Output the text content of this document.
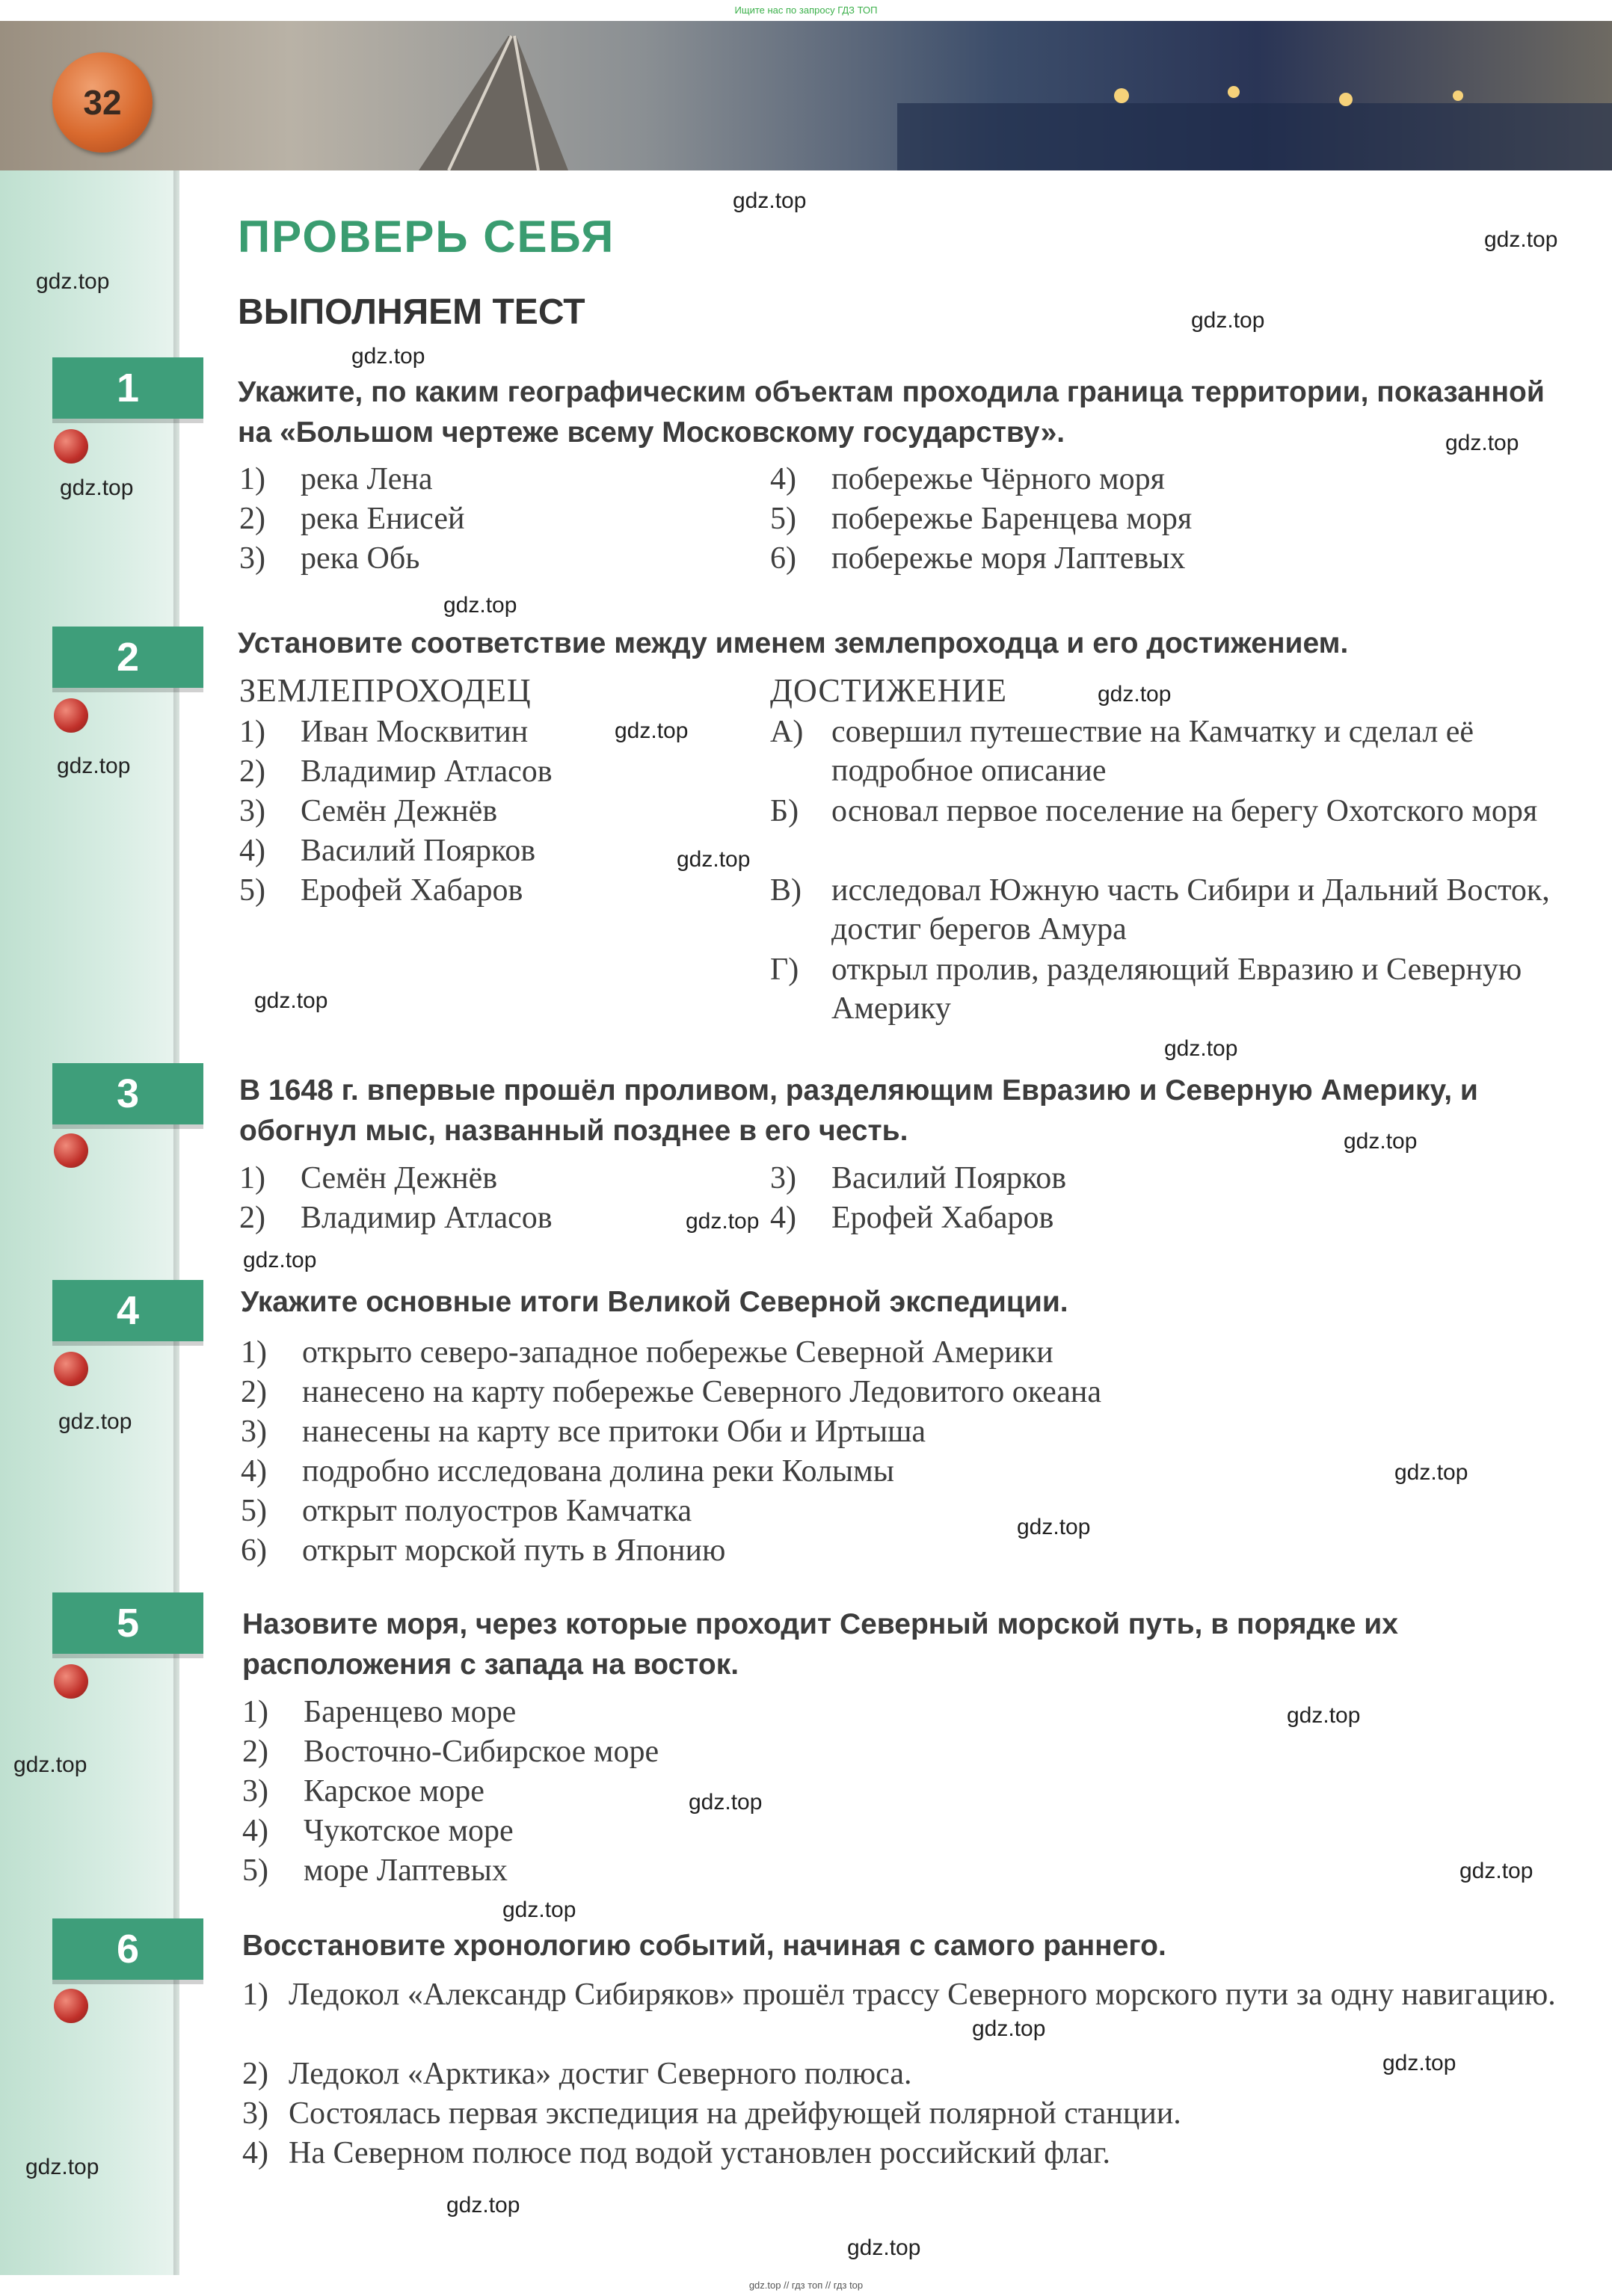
Ищите нас по запросу ГДЗ ТОП
32
ПРОВЕРЬ СЕБЯ
ВЫПОЛНЯЕМ ТЕСТ
1	Укажите, по каким географическим объектам проходила граница территории, показанной на «Большом чертеже всему Московскому государству».
1) река Лена
2) река Енисей
3) река Обь
4) побережье Чёрного моря
5) побережье Баренцева моря
6) побережье моря Лаптевых
2	Установите соответствие между именем землепроходца и его достижением.
ЗЕМЛЕПРОХОДЕЦ	ДОСТИЖЕНИЕ
1) Иван Москвитин
2) Владимир Атласов
3) Семён Дежнёв
4) Василий Поярков
5) Ерофей Хабаров
А) совершил путешествие на Камчатку и сделал её подробное описание
Б)	основал первое поселение на берегу Охотского моря
В) исследовал Южную часть Сибири и Дальний Восток, достиг берегов Амура
Г)	открыл пролив, разделяющий Евразию и Северную Америку
3	В 1648 г. впервые прошёл проливом, разделяющим Евразию и Северную Америку, и обогнул мыс, названный позднее в его честь.
1) Семён Дежнёв
2) Владимир Атласов
3) Василий Поярков
4) Ерофей Хабаров
4	Укажите основные итоги Великой Северной экспедиции.
1) открыто северо-западное побережье Северной Америки
2) нанесено на карту побережье Северного Ледовитого океана
3) нанесены на карту все притоки Оби и Иртыша
4) подробно исследована долина реки Колымы
5) открыт полуостров Камчатка
6) открыт морской путь в Японию
5	Назовите моря, через которые проходит Северный морской путь, в порядке их расположения с запада на восток.
1) Баренцево море
2) Восточно-Сибирское море
3) Карское море
4) Чукотское море
5) море Лаптевых
6	Восстановите хронологию событий, начиная с самого раннего.
1) Ледокол «Александр Сибиряков» прошёл трассу Северного морского пути за одну навигацию.
2) Ледокол «Арктика» достиг Северного полюса.
3) Состоялась первая экспедиция на дрейфующей полярной станции.
4) На Северном полюсе под водой установлен российский флаг.
gdz.top
gdz.top
gdz.top
gdz.top
gdz.top
gdz.top
gdz.top
gdz.top
gdz.top
gdz.top
gdz.top
gdz.top
gdz.top
gdz.top
gdz.top
gdz.top
gdz.top
gdz.top
gdz.top
gdz.top
gdz.top
gdz.top
gdz.top
gdz.top
gdz.top
gdz.top
gdz.top
gdz.top
gdz.top
gdz.top
gdz.top // гдз топ // гдз top
